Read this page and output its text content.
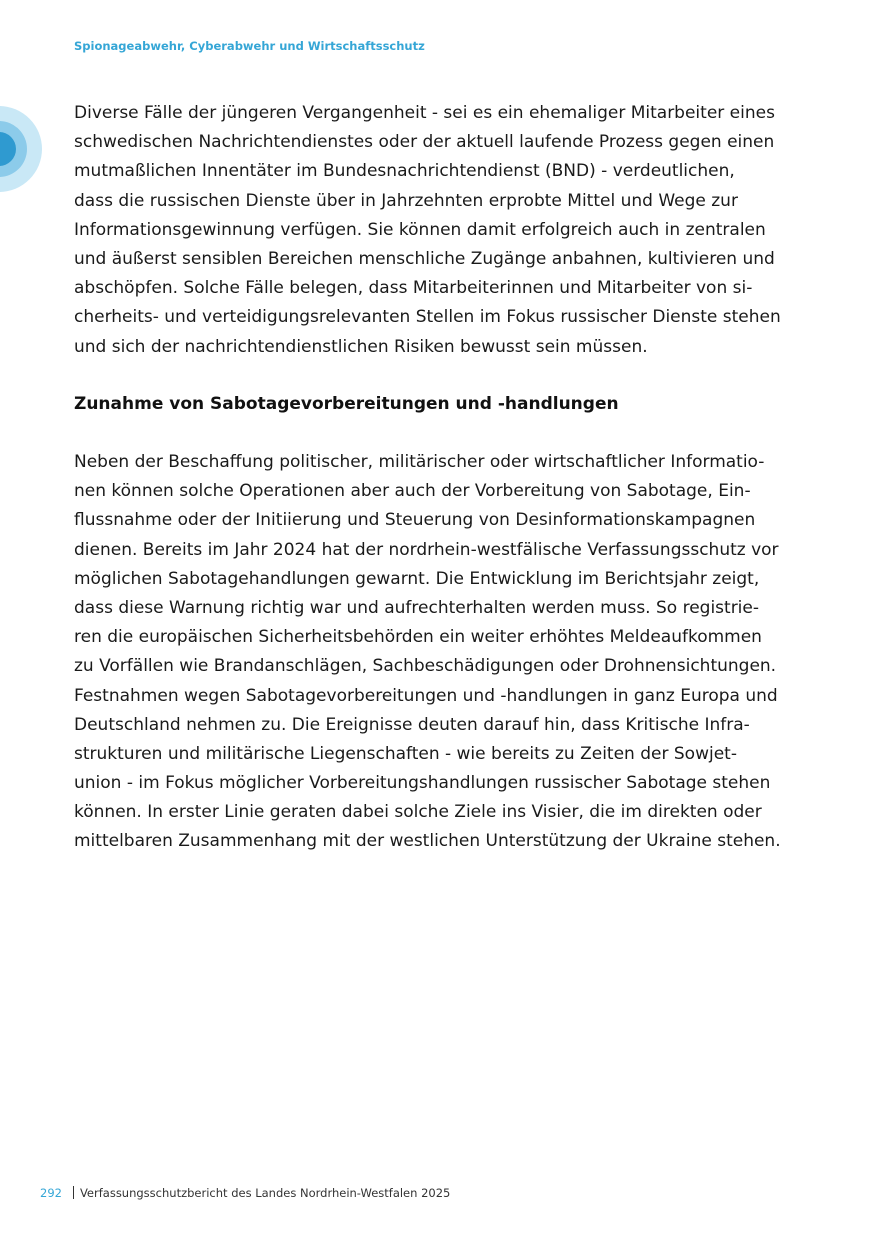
Spionageabwehr, Cyberabwehr und Wirtschaftsschutz
Diverse Fälle der jüngeren Vergangenheit - sei es ein ehemaliger Mitarbeiter eines
schwedischen Nachrichtendienstes oder der aktuell laufende Prozess gegen einen
mutmaßlichen Innentäter im Bundesnachrichtendienst (BND) - verdeutlichen,
dass die russischen Dienste über in Jahrzehnten erprobte Mittel und Wege zur
Informationsgewinnung verfügen. Sie können damit erfolgreich auch in zentralen
und äußerst sensiblen Bereichen menschliche Zugänge anbahnen, kultivieren und
abschöpfen. Solche Fälle belegen, dass Mitarbeiterinnen und Mitarbeiter von si-
cherheits- und verteidigungsrelevanten Stellen im Fokus russischer Dienste stehen
und sich der nachrichtendienstlichen Risiken bewusst sein müssen.
Zunahme von Sabotagevorbereitungen und -handlungen
Neben der Beschaffung politischer, militärischer oder wirtschaftlicher Informatio-
nen können solche Operationen aber auch der Vorbereitung von Sabotage, Ein-
flussnahme oder der Initiierung und Steuerung von Desinformationskampagnen
dienen. Bereits im Jahr 2024 hat der nordrhein-westfälische Verfassungsschutz vor
möglichen Sabotagehandlungen gewarnt. Die Entwicklung im Berichtsjahr zeigt,
dass diese Warnung richtig war und aufrechterhalten werden muss. So registrie-
ren die europäischen Sicherheitsbehörden ein weiter erhöhtes Meldeaufkommen
zu Vorfällen wie Brandanschlägen, Sachbeschädigungen oder Drohnensichtungen.
Festnahmen wegen Sabotagevorbereitungen und -handlungen in ganz Europa und
Deutschland nehmen zu. Die Ereignisse deuten darauf hin, dass Kritische Infra-
strukturen und militärische Liegenschaften - wie bereits zu Zeiten der Sowjet-
union - im Fokus möglicher Vorbereitungshandlungen russischer Sabotage stehen
können. In erster Linie geraten dabei solche Ziele ins Visier, die im direkten oder
mittelbaren Zusammenhang mit der westlichen Unterstützung der Ukraine stehen.
292 Verfassungsschutzbericht des Landes Nordrhein-Westfalen 2025
